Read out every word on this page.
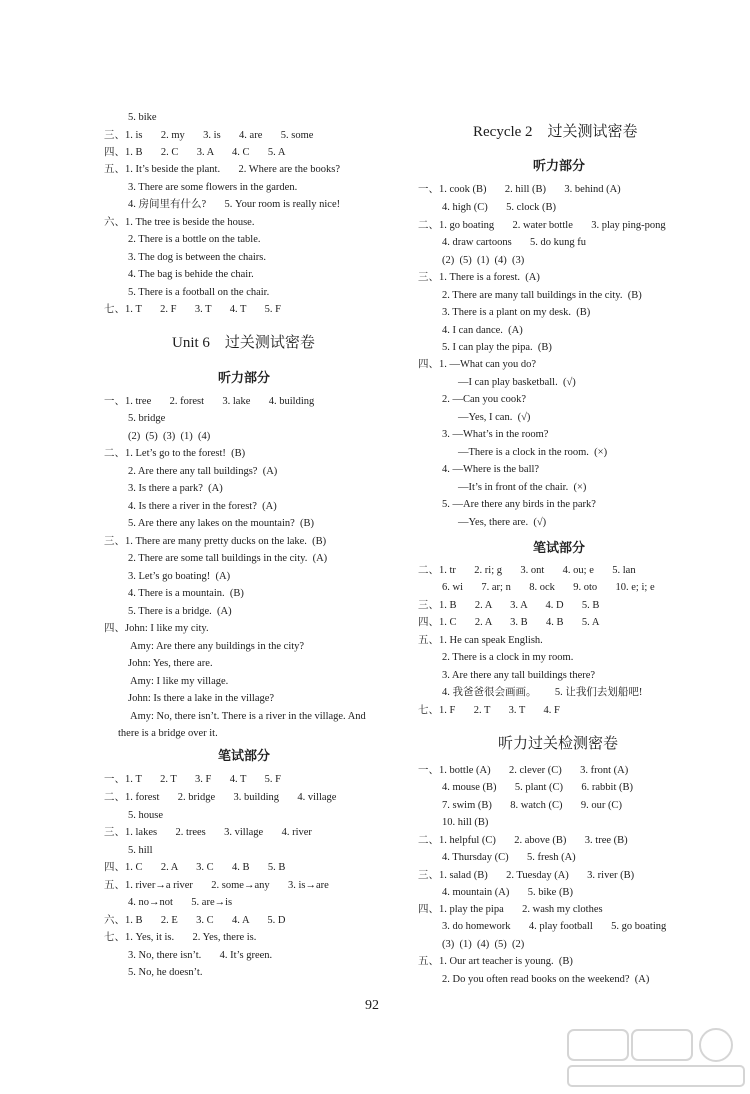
5. bike
三、1. is       2. my       3. is       4. are       5. some
四、1. B       2. C       3. A       4. C       5. A
五、1. It’s beside the plant.       2. Where are the books?
3. There are some flowers in the garden.
4. 房间里有什么?       5. Your room is really nice!
六、1. The tree is beside the house.
2. There is a bottle on the table.
3. The dog is between the chairs.
4. The bag is behide the chair.
5. There is a football on the chair.
七、1. T       2. F       3. T       4. T       5. F
Unit 6    过关测试密卷
听力部分
一、1. tree       2. forest       3. lake       4. building
5. bridge
(2)  (5)  (3)  (1)  (4)
二、1. Let’s go to the forest!  (B)
2. Are there any tall buildings?  (A)
3. Is there a park?  (A)
4. Is there a river in the forest?  (A)
5. Are there any lakes on the mountain?  (B)
三、1. There are many pretty ducks on the lake.  (B)
2. There are some tall buildings in the city.  (A)
3. Let’s go boating!  (A)
4. There is a mountain.  (B)
5. There is a bridge.  (A)
四、John: I like my city.
Amy: Are there any buildings in the city?
John: Yes, there are.
Amy: I like my village.
John: Is there a lake in the village?
Amy: No, there isn’t. There is a river in the village. And
there is a bridge over it.
笔试部分
一、1. T       2. T       3. F       4. T       5. F
二、1. forest       2. bridge       3. building       4. village
5. house
三、1. lakes       2. trees       3. village       4. river
5. hill
四、1. C       2. A       3. C       4. B       5. B
五、1. river→a river       2. some→any       3. is→are
4. no→not       5. are→is
六、1. B       2. E       3. C       4. A       5. D
七、1. Yes, it is.       2. Yes, there is.
3. No, there isn’t.       4. It’s green.
5. No, he doesn’t.
Recycle 2    过关测试密卷
听力部分
一、1. cook (B)       2. hill (B)       3. behind (A)
4. high (C)       5. clock (B)
二、1. go boating       2. water bottle       3. play ping-pong
4. draw cartoons       5. do kung fu
(2)  (5)  (1)  (4)  (3)
三、1. There is a forest.  (A)
2. There are many tall buildings in the city.  (B)
3. There is a plant on my desk.  (B)
4. I can dance.  (A)
5. I can play the pipa.  (B)
四、1. —What can you do?
—I can play basketball.  (√)
2. —Can you cook?
—Yes, I can.  (√)
3. —What’s in the room?
—There is a clock in the room.  (×)
4. —Where is the ball?
—It’s in front of the chair.  (×)
5. —Are there any birds in the park?
—Yes, there are.  (√)
笔试部分
二、1. tr       2. ri; g       3. ont       4. ou; e       5. lan
6. wi       7. ar; n       8. ock       9. oto       10. e; i; e
三、1. B       2. A       3. A       4. D       5. B
四、1. C       2. A       3. B       4. B       5. A
五、1. He can speak English.
2. There is a clock in my room.
3. Are there any tall buildings there?
4. 我爸爸很会画画。       5. 让我们去划船吧!
七、1. F       2. T       3. T       4. F
听力过关检测密卷
一、1. bottle (A)       2. clever (C)       3. front (A)
4. mouse (B)       5. plant (C)       6. rabbit (B)
7. swim (B)       8. watch (C)       9. our (C)
10. hill (B)
二、1. helpful (C)       2. above (B)       3. tree (B)
4. Thursday (C)       5. fresh (A)
三、1. salad (B)       2. Tuesday (A)       3. river (B)
4. mountain (A)       5. bike (B)
四、1. play the pipa       2. wash my clothes
3. do homework       4. play football       5. go boating
(3)  (1)  (4)  (5)  (2)
五、1. Our art teacher is young.  (B)
2. Do you often read books on the weekend?  (A)
92
